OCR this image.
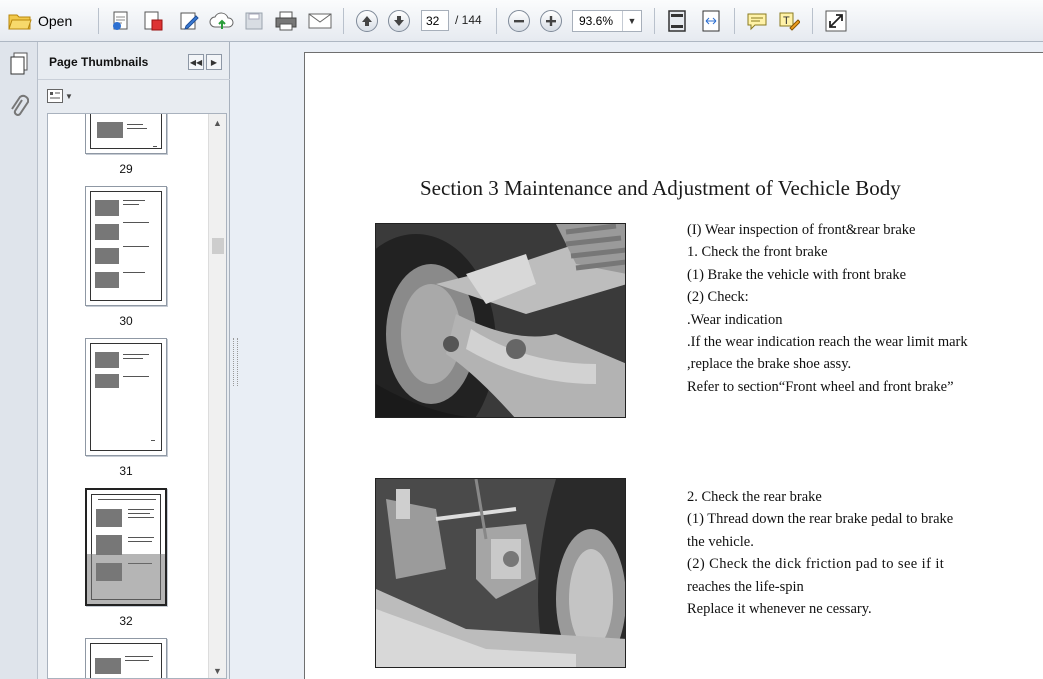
Open
32	/ 144	93.6%	▼	T
Page Thumbnails	◀◀ ▶
▼
29
30
31
32
▲
▼
Section 3 Maintenance and Adjustment of Vechicle Body
(I) Wear inspection of front&rear brake
1. Check the front brake
(1) Brake the vehicle with front brake
(2) Check:
.Wear indication
.If the wear indication reach the wear limit mark
,replace the brake shoe assy.
Refer to section“Front wheel and front brake”
2. Check the rear brake
(1) Thread down the rear brake pedal to brake
the vehicle.
(2) Check the dick friction pad to see if it
reaches the life-spin
Replace it whenever ne cessary.
